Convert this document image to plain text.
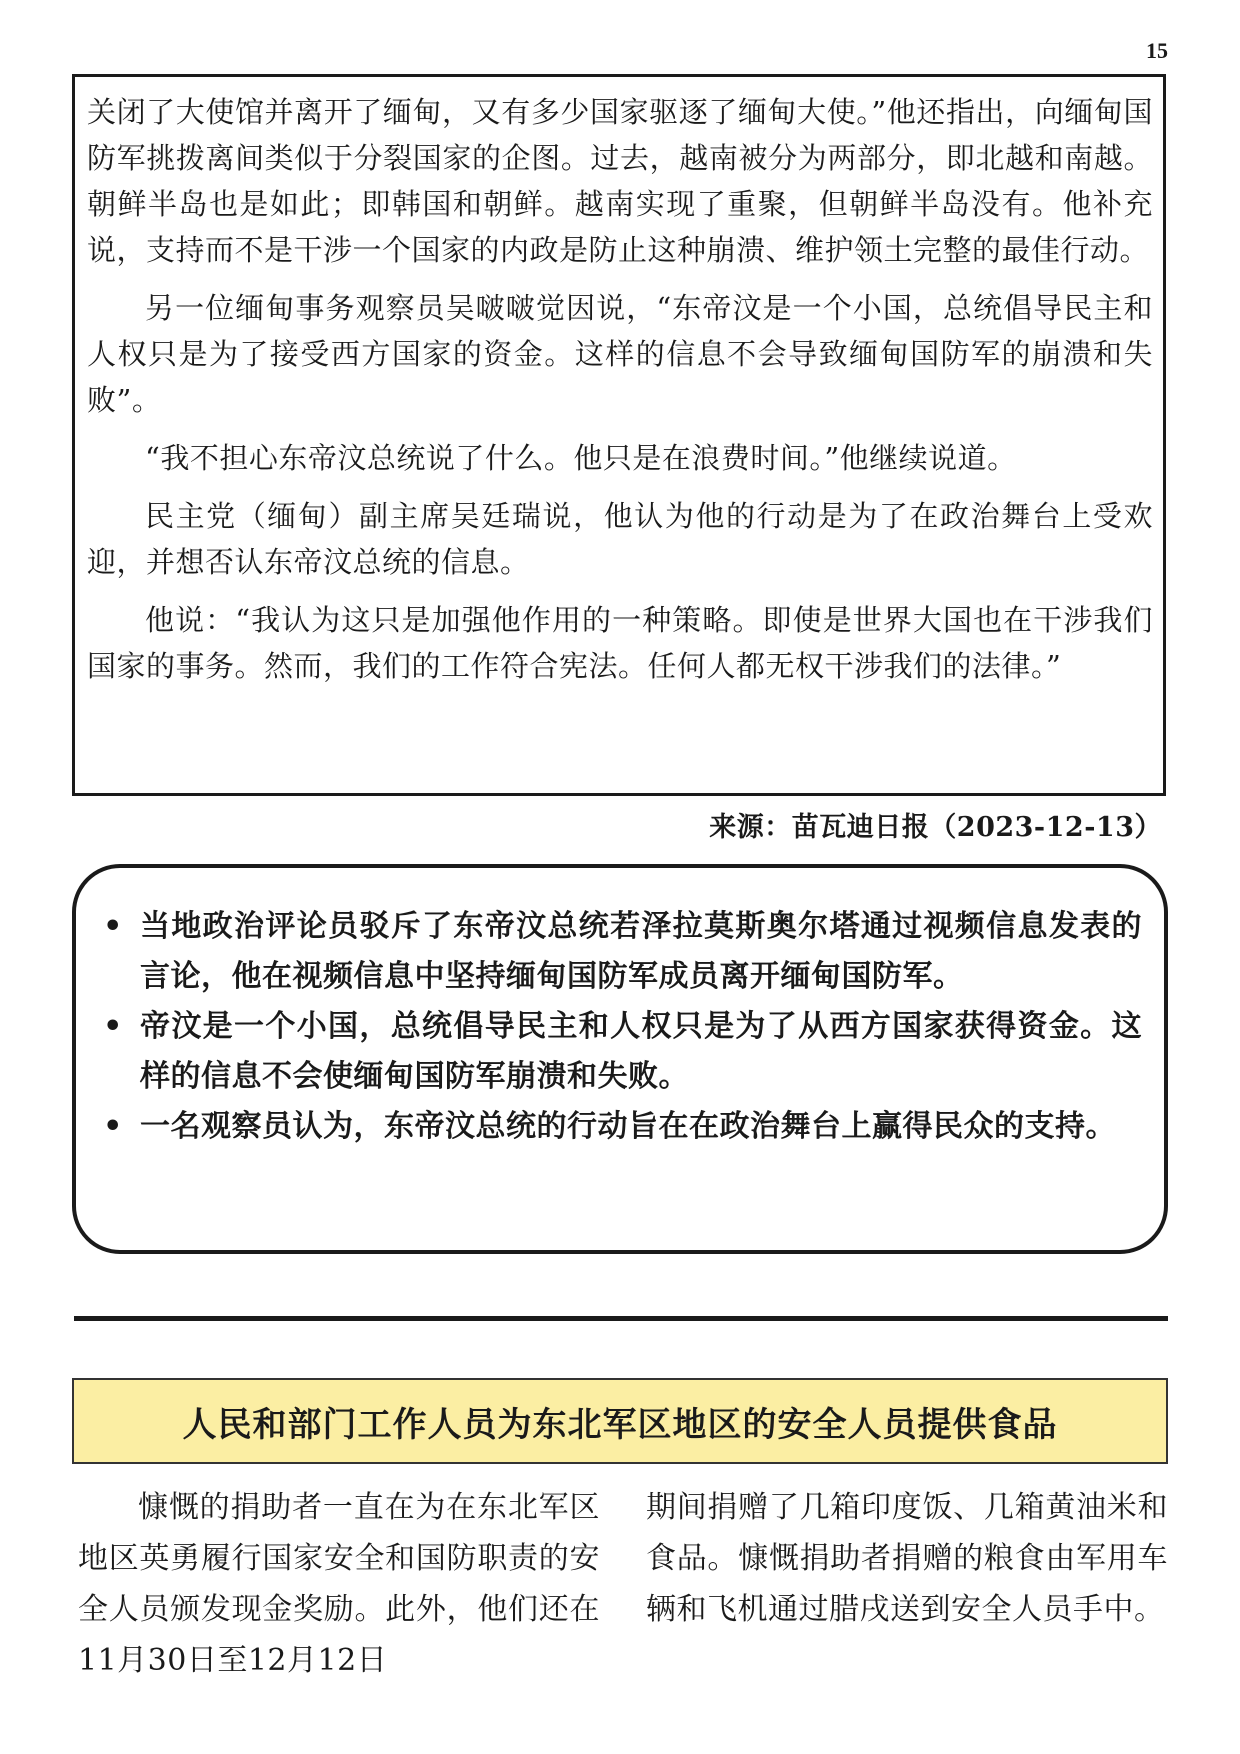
15

关闭了大使馆并离开了缅甸，又有多少国家驱逐了缅甸大使。”他还指出，向缅甸国防军挑拨离间类似于分裂国家的企图。过去，越南被分为两部分，即北越和南越。朝鲜半岛也是如此；即韩国和朝鲜。越南实现了重聚，但朝鲜半岛没有。他补充说，支持而不是干涉一个国家的内政是防止这种崩溃、维护领土完整的最佳行动。

另一位缅甸事务观察员吴啵啵觉因说，“东帝汶是一个小国，总统倡导民主和人权只是为了接受西方国家的资金。这样的信息不会导致缅甸国防军的崩溃和失败”。

“我不担心东帝汶总统说了什么。他只是在浪费时间。”他继续说道。

民主党（缅甸）副主席吴廷瑞说，他认为他的行动是为了在政治舞台上受欢迎，并想否认东帝汶总统的信息。

他说：“我认为这只是加强他作用的一种策略。即使是世界大国也在干涉我们国家的事务。然而，我们的工作符合宪法。任何人都无权干涉我们的法律。”

来源：苗瓦迪日报（2023-12-13）
• 当地政治评论员驳斥了东帝汶总统若泽拉莫斯奥尔塔通过视频信息发表的言论，他在视频信息中坚持缅甸国防军成员离开缅甸国防军。
• 帝汶是一个小国，总统倡导民主和人权只是为了从西方国家获得资金。这样的信息不会使缅甸国防军崩溃和失败。
• 一名观察员认为，东帝汶总统的行动旨在在政治舞台上赢得民众的支持。
人民和部门工作人员为东北军区地区的安全人员提供食品

慷慨的捐助者一直在为在东北军区地区英勇履行国家安全和国防职责的安全人员颁发现金奖励。此外，他们还在11月30日至12月12日

期间捐赠了几箱印度饭、几箱黄油米和食品。慷慨捐助者捐赠的粮食由军用车辆和飞机通过腊戌送到安全人员手中。
